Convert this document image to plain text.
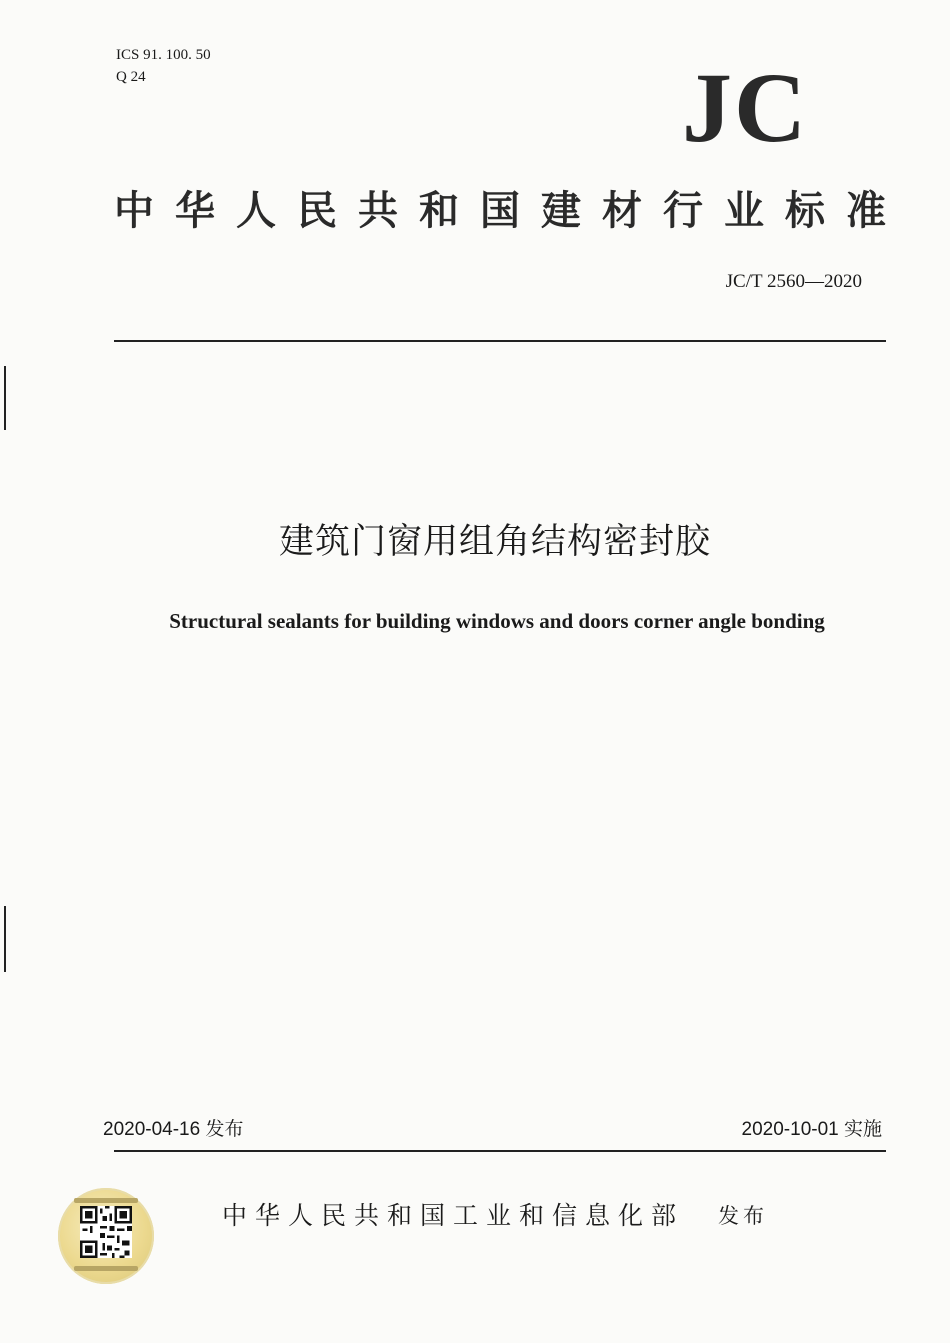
ICS 91. 100. 50
Q 24	JC
中华人民共和国建材行业标准
JC/T 2560—2020
建筑门窗用组角结构密封胶
Structural sealants for building windows and doors corner angle bonding
2020-04-16 发布	2020-10-01 实施
中华人民共和国工业和信息化部 发布
